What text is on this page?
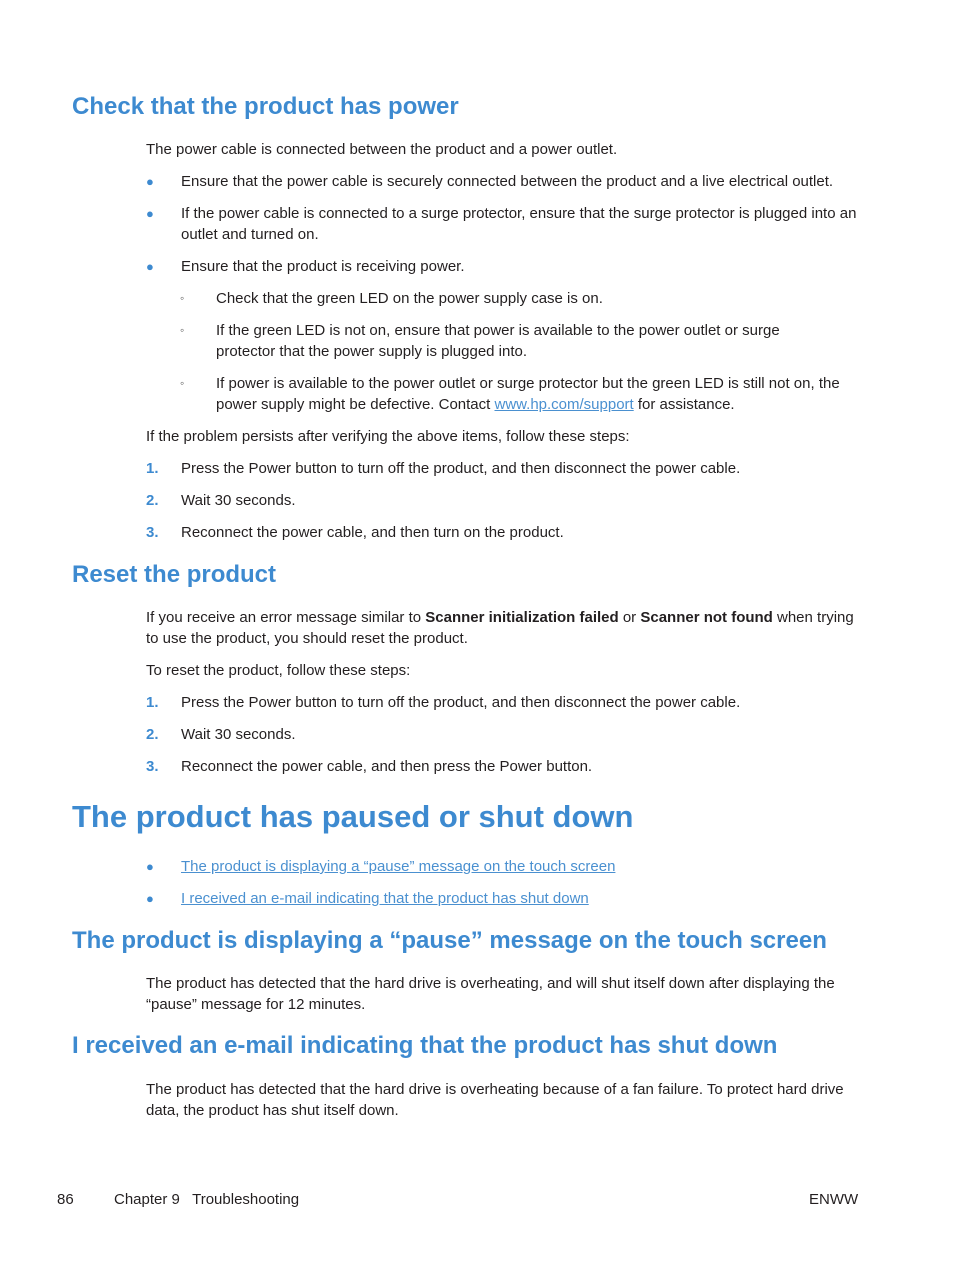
Check that the product has power

The power cable is connected between the product and a power outlet.

● Ensure that the power cable is securely connected between the product and a live electrical outlet.

● If the power cable is connected to a surge protector, ensure that the surge protector is plugged into an outlet and turned on.

● Ensure that the product is receiving power.

◦ Check that the green LED on the power supply case is on.

◦ If the green LED is not on, ensure that power is available to the power outlet or surge protector that the power supply is plugged into.

◦ If power is available to the power outlet or surge protector but the green LED is still not on, the power supply might be defective. Contact www.hp.com/support for assistance.

If the problem persists after verifying the above items, follow these steps:

1. Press the Power button to turn off the product, and then disconnect the power cable.

2. Wait 30 seconds.

3. Reconnect the power cable, and then turn on the product.

Reset the product

If you receive an error message similar to Scanner initialization failed or Scanner not found when trying to use the product, you should reset the product.

To reset the product, follow these steps:

1. Press the Power button to turn off the product, and then disconnect the power cable.

2. Wait 30 seconds.

3. Reconnect the power cable, and then press the Power button.

The product has paused or shut down
● The product is displaying a “pause” message on the touch screen

● I received an e-mail indicating that the product has shut down

The product is displaying a “pause” message on the touch screen

The product has detected that the hard drive is overheating, and will shut itself down after displaying the “pause” message for 12 minutes.

I received an e-mail indicating that the product has shut down

The product has detected that the hard drive is overheating because of a fan failure. To protect hard drive data, the product has shut itself down.

86	Chapter 9   Troubleshooting	ENWW
